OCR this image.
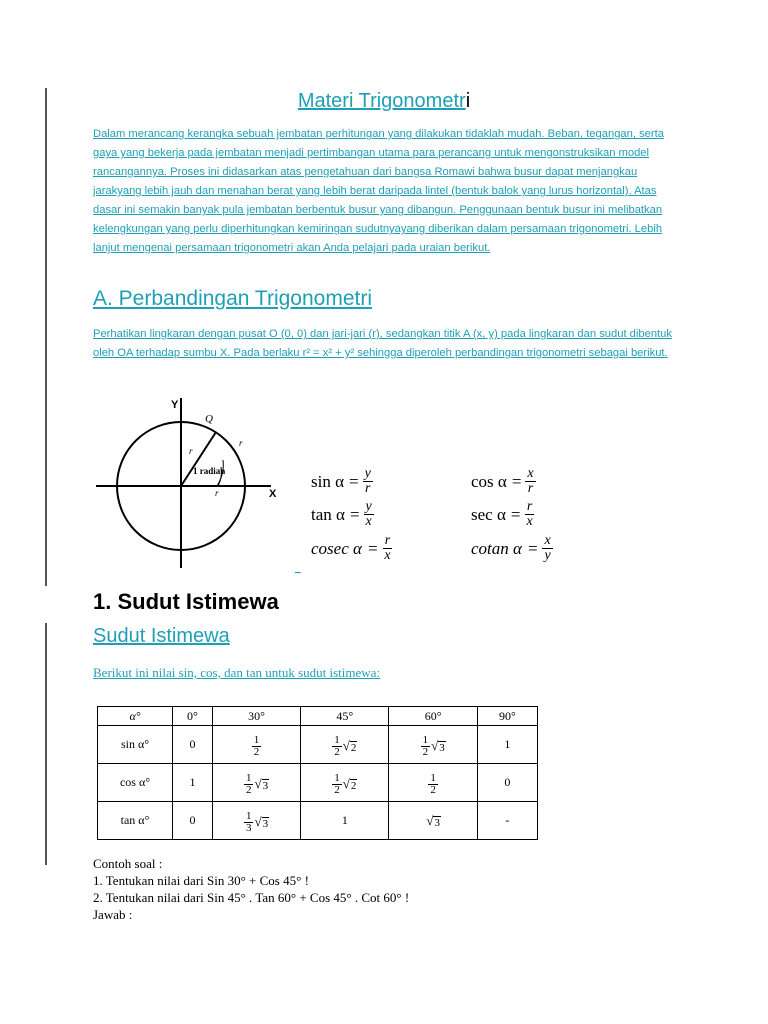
Materi Trigonometri
Dalam merancang kerangka sebuah jembatan perhitungan yang dilakukan tidaklah mudah. Beban, tegangan, serta gaya yang bekerja pada jembatan menjadi pertimbangan utama para perancang untuk mengonstruksikan model rancangannya. Proses ini didasarkan atas pengetahuan dari bangsa Romawi bahwa busur dapat menjangkau jarakyang lebih jauh dan menahan berat yang lebih berat daripada lintel (bentuk balok yang lurus horizontal). Atas dasar ini semakin banyak pula jembatan berbentuk busur yang dibangun. Penggunaan bentuk busur ini melibatkan kelengkungan yang perlu diperhitungkan kemiringan sudutnyayang diberikan dalam persamaan trigonometri. Lebih lanjut mengenai persamaan trigonometri akan Anda pelajari pada uraian berikut.
A. Perbandingan Trigonometri
Perhatikan lingkaran dengan pusat O (0, 0) dan jari-jari (r), sedangkan titik A (x, y) pada lingkaran dan sudut dibentuk oleh OA terhadap sumbu X. Pada berlaku r² = x² + y² sehingga diperoleh perbandingan trigonometri sebagai berikut.
Y
X
Q
r
r
r
1 radian
_
$\sin \alpha = \frac{y}{r}$	$\cos \alpha = \frac{x}{r}$
$\tan \alpha = \frac{y}{x}$	$\sec \alpha = \frac{r}{x}$
cosec $\alpha = \frac{r}{x}$	cotan $\alpha = \frac{x}{y}$
1. Sudut Istimewa
Sudut Istimewa
Berikut ini nilai sin, cos, dan tan untuk sudut istimewa:
α°	0°	30°	45°	60°	90°
sin α°	0	$\frac{1}{2}$	$\frac{1}{2}$ √ 2	$\frac{1}{2}$ √ 3	1
cos α°	1	$\frac{1}{2}$ √ 3	$\frac{1}{2}$ √ 2	$\frac{1}{2}$	0
tan α°	0	$\frac{1}{3}$ √ 3	1	√ 3	-
Contoh soal :
1. Tentukan nilai dari Sin 30° + Cos 45° !
2. Tentukan nilai dari Sin 45° . Tan 60° + Cos 45° . Cot 60° !
Jawab :
